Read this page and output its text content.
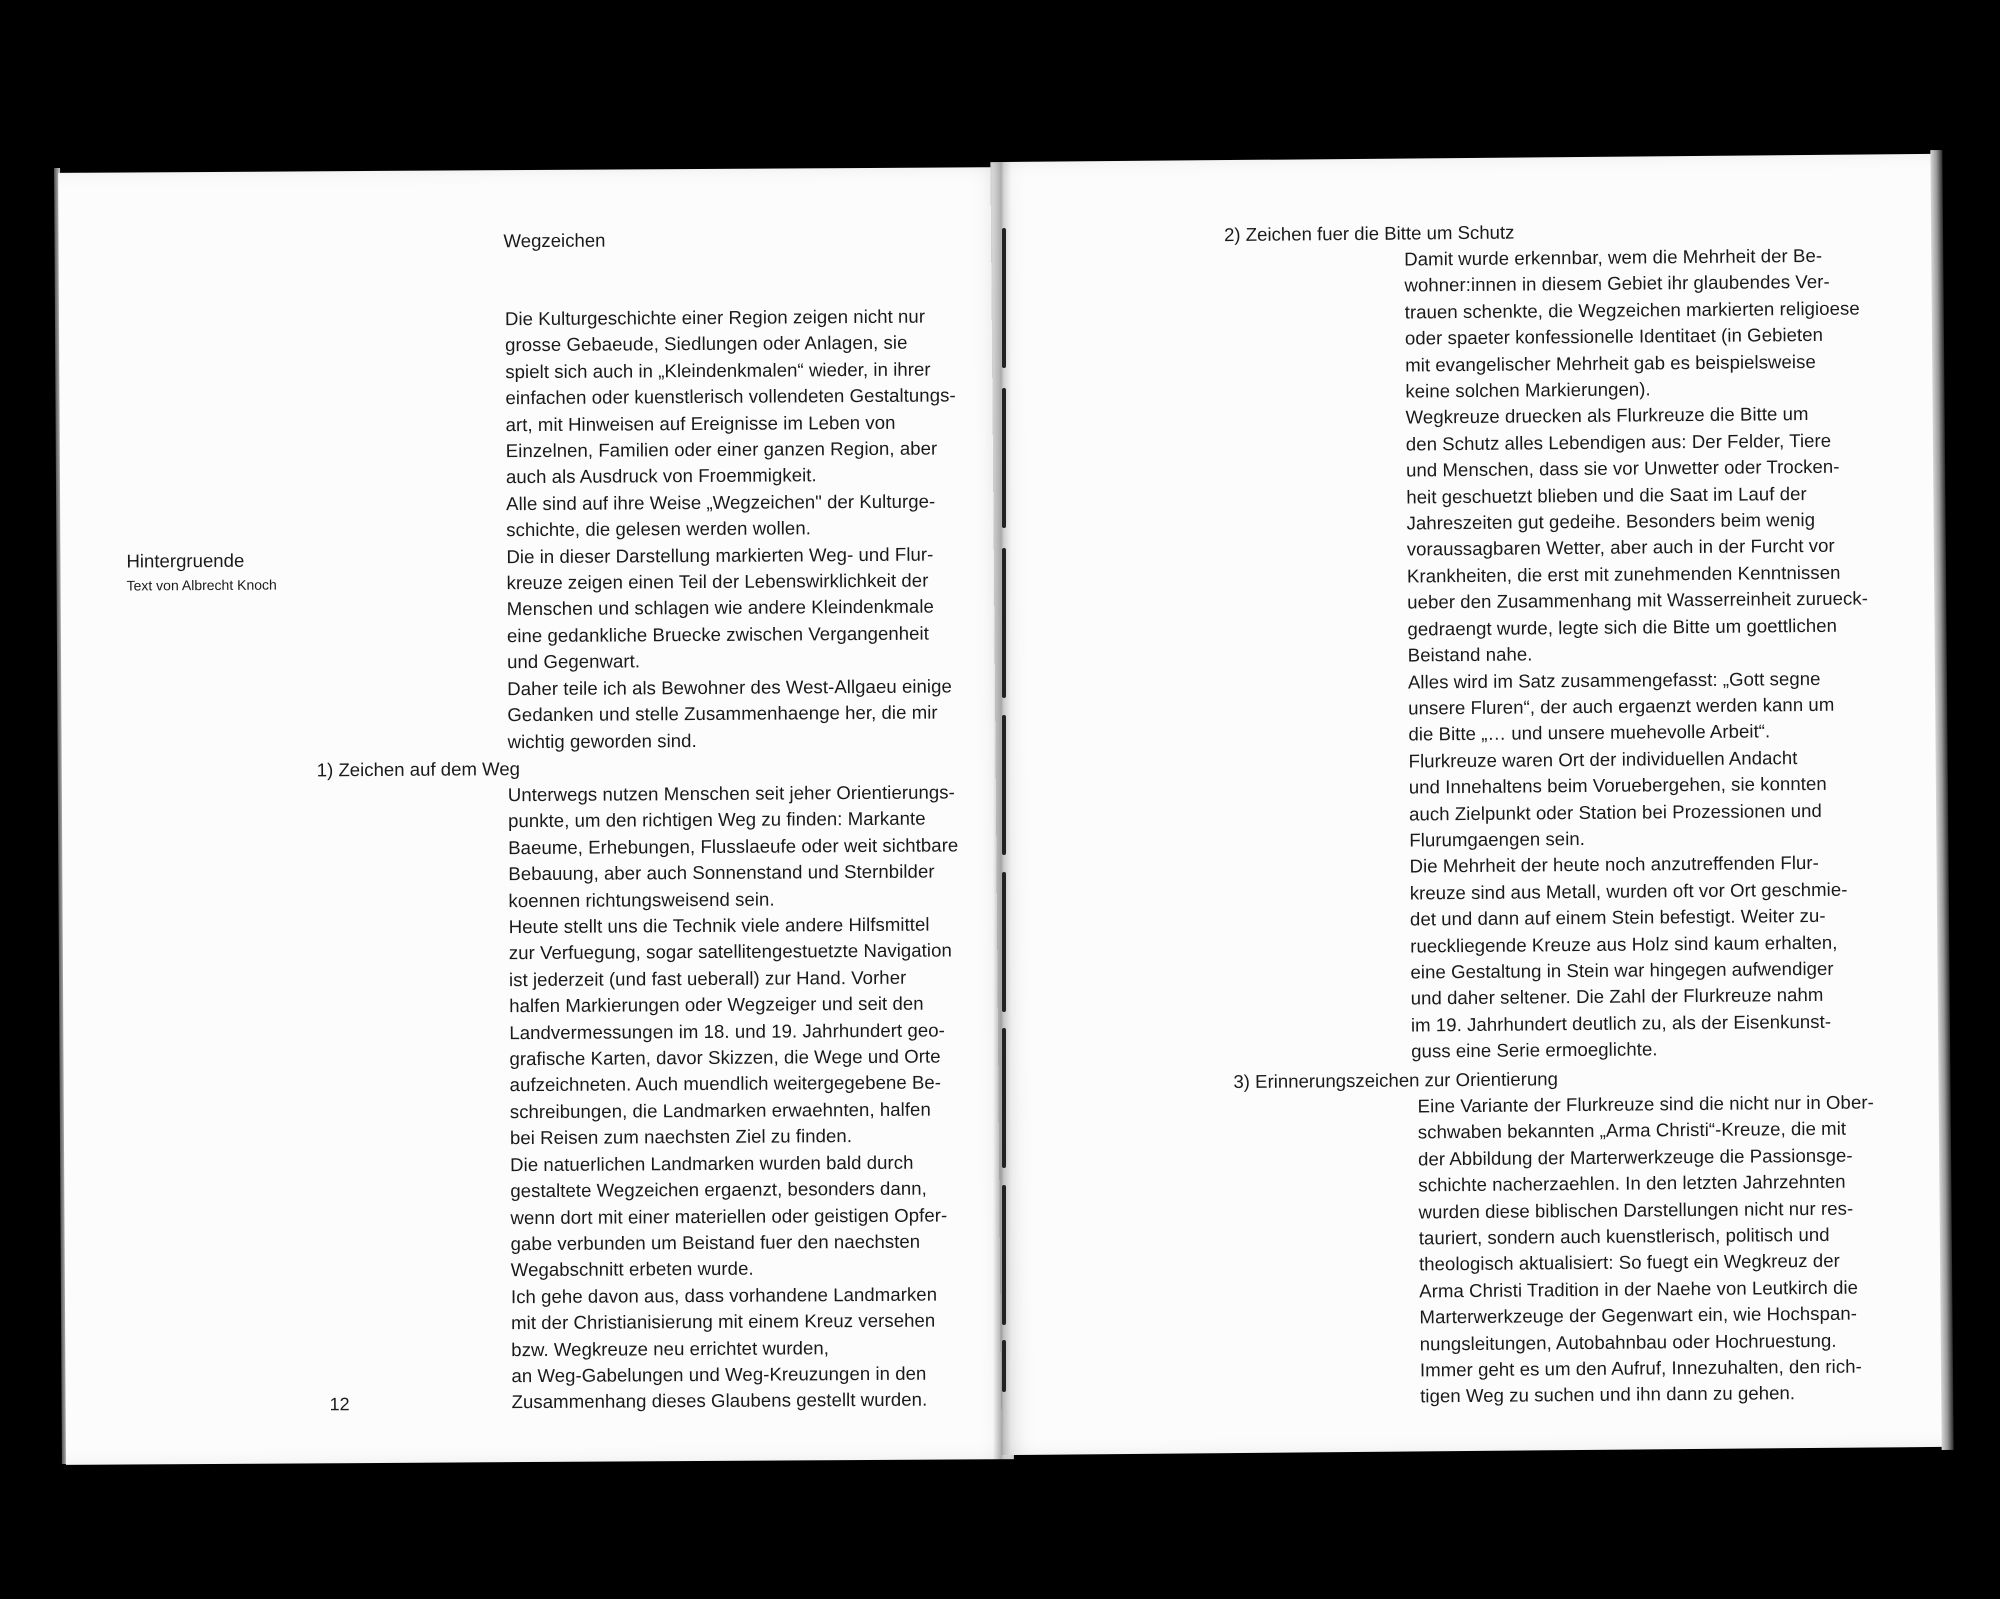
Wegzeichen
Hintergruende
Text von Albrecht Knoch
Die Kulturgeschichte einer Region zeigen nicht nur
grosse Gebaeude, Siedlungen oder Anlagen, sie
spielt sich auch in „Kleindenkmalen“ wieder, in ihrer
einfachen oder kuenstlerisch vollendeten Gestaltungs-
art, mit Hinweisen auf Ereignisse im Leben von
Einzelnen, Familien oder einer ganzen Region, aber
auch als Ausdruck von Froemmigkeit.
Alle sind auf ihre Weise „Wegzeichen" der Kulturge-
schichte, die gelesen werden wollen.
Die in dieser Darstellung markierten Weg- und Flur-
kreuze zeigen einen Teil der Lebenswirklichkeit der
Menschen und schlagen wie andere Kleindenkmale
eine gedankliche Bruecke zwischen Vergangenheit
und Gegenwart.
Daher teile ich als Bewohner des West-Allgaeu einige
Gedanken und stelle Zusammenhaenge her, die mir
wichtig geworden sind.
1) Zeichen auf dem Weg
Unterwegs nutzen Menschen seit jeher Orientierungs-
punkte, um den richtigen Weg zu finden: Markante
Baeume, Erhebungen, Flusslaeufe oder weit sichtbare
Bebauung, aber auch Sonnenstand und Sternbilder
koennen richtungsweisend sein.
Heute stellt uns die Technik viele andere Hilfsmittel
zur Verfuegung, sogar satellitengestuetzte Navigation
ist jederzeit (und fast ueberall) zur Hand. Vorher
halfen Markierungen oder Wegzeiger und seit den
Landvermessungen im 18. und 19. Jahrhundert geo-
grafische Karten, davor Skizzen, die Wege und Orte
aufzeichneten. Auch muendlich weitergegebene Be-
schreibungen, die Landmarken erwaehnten, halfen
bei Reisen zum naechsten Ziel zu finden.
Die natuerlichen Landmarken wurden bald durch
gestaltete Wegzeichen ergaenzt, besonders dann,
wenn dort mit einer materiellen oder geistigen Opfer-
gabe verbunden um Beistand fuer den naechsten
Wegabschnitt erbeten wurde.
Ich gehe davon aus, dass vorhandene Landmarken
mit der Christianisierung mit einem Kreuz versehen
bzw. Wegkreuze neu errichtet wurden,
an Weg-Gabelungen und Weg-Kreuzungen in den
Zusammenhang dieses Glaubens gestellt wurden.
12
2) Zeichen fuer die Bitte um Schutz
Damit wurde erkennbar, wem die Mehrheit der Be-
wohner:innen in diesem Gebiet ihr glaubendes Ver-
trauen schenkte, die Wegzeichen markierten religioese
oder spaeter konfessionelle Identitaet (in Gebieten
mit evangelischer Mehrheit gab es beispielsweise
keine solchen Markierungen).
Wegkreuze druecken als Flurkreuze die Bitte um
den Schutz alles Lebendigen aus: Der Felder, Tiere
und Menschen, dass sie vor Unwetter oder Trocken-
heit geschuetzt blieben und die Saat im Lauf der
Jahreszeiten gut gedeihe. Besonders beim wenig
voraussagbaren Wetter, aber auch in der Furcht vor
Krankheiten, die erst mit zunehmenden Kenntnissen
ueber den Zusammenhang mit Wasserreinheit zurueck-
gedraengt wurde, legte sich die Bitte um goettlichen
Beistand nahe.
Alles wird im Satz zusammengefasst: „Gott segne
unsere Fluren“, der auch ergaenzt werden kann um
die Bitte „… und unsere muehevolle Arbeit“.
Flurkreuze waren Ort der individuellen Andacht
und Innehaltens beim Voruebergehen, sie konnten
auch Zielpunkt oder Station bei Prozessionen und
Flurumgaengen sein.
Die Mehrheit der heute noch anzutreffenden Flur-
kreuze sind aus Metall, wurden oft vor Ort geschmie-
det und dann auf einem Stein befestigt. Weiter zu-
rueckliegende Kreuze aus Holz sind kaum erhalten,
eine Gestaltung in Stein war hingegen aufwendiger
und daher seltener. Die Zahl der Flurkreuze nahm
im 19. Jahrhundert deutlich zu, als der Eisenkunst-
guss eine Serie ermoeglichte.
3) Erinnerungszeichen zur Orientierung
Eine Variante der Flurkreuze sind die nicht nur in Ober-
schwaben bekannten „Arma Christi“-Kreuze, die mit
der Abbildung der Marterwerkzeuge die Passionsge-
schichte nacherzaehlen. In den letzten Jahrzehnten
wurden diese biblischen Darstellungen nicht nur res-
tauriert, sondern auch kuenstlerisch, politisch und
theologisch aktualisiert: So fuegt ein Wegkreuz der
Arma Christi Tradition in der Naehe von Leutkirch die
Marterwerkzeuge der Gegenwart ein, wie Hochspan-
nungsleitungen, Autobahnbau oder Hochruestung.
Immer geht es um den Aufruf, Innezuhalten, den rich-
tigen Weg zu suchen und ihn dann zu gehen.
